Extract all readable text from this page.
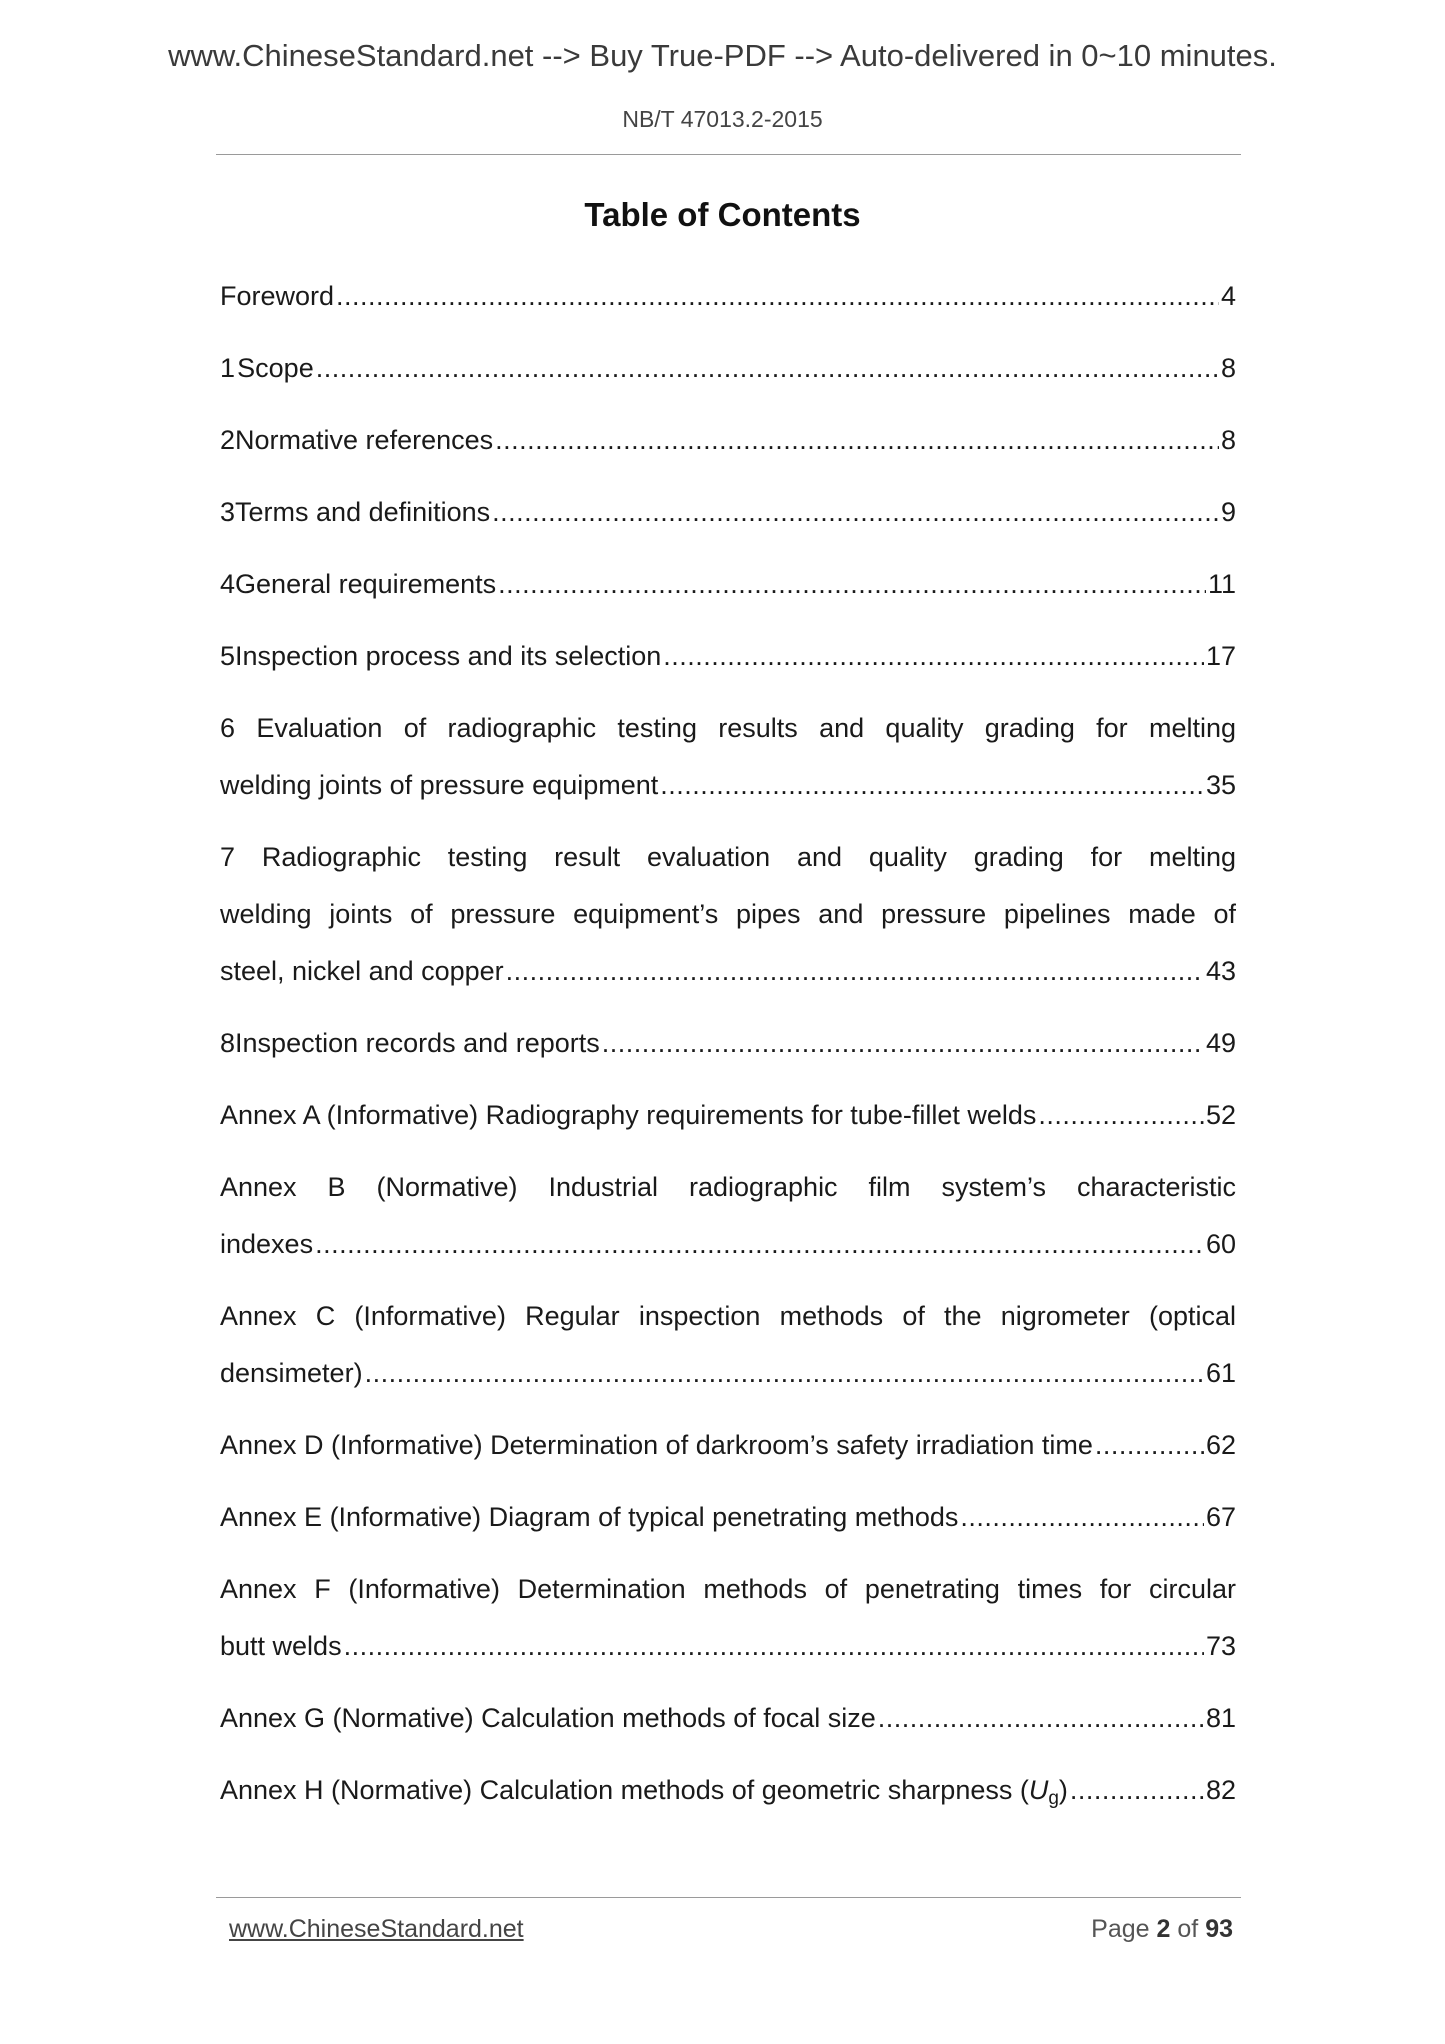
www.ChineseStandard.net --> Buy True-PDF --> Auto-delivered in 0~10 minutes.
NB/T 47013.2-2015
Table of Contents
Foreword .....	4
1 Scope .....	8
2 Normative references .....	8
3 Terms and definitions .....	9
4 General requirements .....	11
5 Inspection process and its selection .....	17
6 Evaluation of radiographic testing results and quality grading for melting
welding joints of pressure equipment .....	35
7 Radiographic testing result evaluation and quality grading for melting
welding joints of pressure equipment’s pipes and pressure pipelines made of
steel, nickel and copper .....	43
8 Inspection records and reports .....	49
Annex A (Informative) Radiography requirements for tube-fillet welds .....	52
Annex B (Normative) Industrial radiographic film system’s characteristic
indexes .....	60
Annex C (Informative) Regular inspection methods of the nigrometer (optical
densimeter) .....	61
Annex D (Informative) Determination of darkroom’s safety irradiation time .....	62
Annex E (Informative) Diagram of typical penetrating methods .....	67
Annex F (Informative) Determination methods of penetrating times for circular
butt welds .....	73
Annex G (Normative) Calculation methods of focal size .....	81
Annex H (Normative) Calculation methods of geometric sharpness $(U_g)$ .....	82
www.ChineseStandard.net	Page 2 of 93
